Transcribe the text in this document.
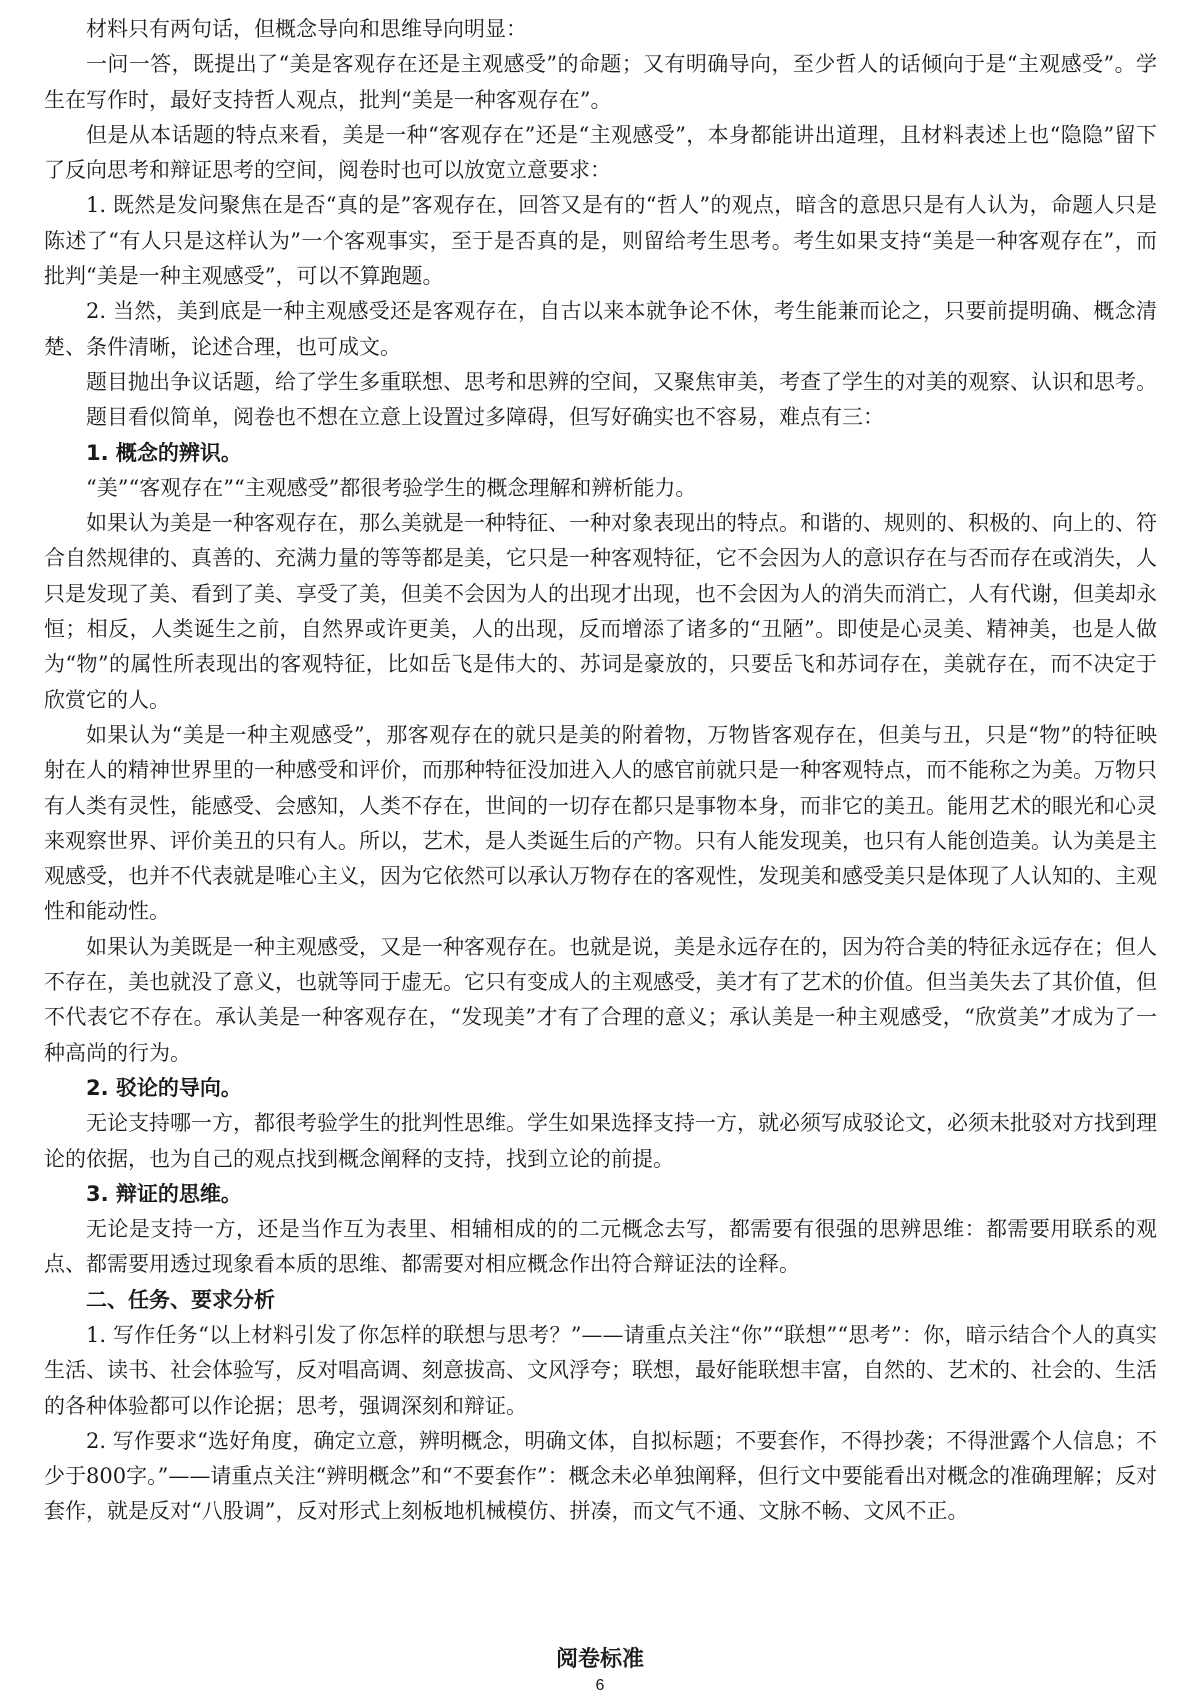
材料只有两句话，但概念导向和思维导向明显：

一问一答，既提出了“美是客观存在还是主观感受”的命题；又有明确导向，至少哲人的话倾向于是“主观感受”。学生在写作时，最好支持哲人观点，批判“美是一种客观存在”。

但是从本话题的特点来看，美是一种“客观存在”还是“主观感受”，本身都能讲出道理，且材料表述上也“隐隐”留下了反向思考和辩证思考的空间，阅卷时也可以放宽立意要求：

1. 既然是发问聚焦在是否“真的是”客观存在，回答又是有的“哲人”的观点，暗含的意思只是有人认为，命题人只是陈述了“有人只是这样认为”一个客观事实，至于是否真的是，则留给考生思考。考生如果支持“美是一种客观存在”，而批判“美是一种主观感受”，可以不算跑题。

2. 当然，美到底是一种主观感受还是客观存在，自古以来本就争论不休，考生能兼而论之，只要前提明确、概念清楚、条件清晰，论述合理，也可成文。

题目抛出争议话题，给了学生多重联想、思考和思辨的空间，又聚焦审美，考查了学生的对美的观察、认识和思考。

题目看似简单，阅卷也不想在立意上设置过多障碍，但写好确实也不容易，难点有三：

1. 概念的辨识。

“美”“客观存在”“主观感受”都很考验学生的概念理解和辨析能力。

如果认为美是一种客观存在，那么美就是一种特征、一种对象表现出的特点。和谐的、规则的、积极的、向上的、符合自然规律的、真善的、充满力量的等等都是美，它只是一种客观特征，它不会因为人的意识存在与否而存在或消失，人只是发现了美、看到了美、享受了美，但美不会因为人的出现才出现，也不会因为人的消失而消亡，人有代谢，但美却永恒；相反，人类诞生之前，自然界或许更美，人的出现，反而增添了诸多的“丑陋”。即使是心灵美、精神美，也是人做为“物”的属性所表现出的客观特征，比如岳飞是伟大的、苏词是豪放的，只要岳飞和苏词存在，美就存在，而不决定于欣赏它的人。

如果认为“美是一种主观感受”，那客观存在的就只是美的附着物，万物皆客观存在，但美与丑，只是“物”的特征映射在人的精神世界里的一种感受和评价，而那种特征没加进入人的感官前就只是一种客观特点，而不能称之为美。万物只有人类有灵性，能感受、会感知，人类不存在，世间的一切存在都只是事物本身，而非它的美丑。能用艺术的眼光和心灵来观察世界、评价美丑的只有人。所以，艺术，是人类诞生后的产物。只有人能发现美，也只有人能创造美。认为美是主观感受，也并不代表就是唯心主义，因为它依然可以承认万物存在的客观性，发现美和感受美只是体现了人认知的、主观性和能动性。

如果认为美既是一种主观感受，又是一种客观存在。也就是说，美是永远存在的，因为符合美的特征永远存在；但人不存在，美也就没了意义，也就等同于虚无。它只有变成人的主观感受，美才有了艺术的价值。但当美失去了其价值，但不代表它不存在。承认美是一种客观存在，“发现美”才有了合理的意义；承认美是一种主观感受，“欣赏美”才成为了一种高尚的行为。

2. 驳论的导向。

无论支持哪一方，都很考验学生的批判性思维。学生如果选择支持一方，就必须写成驳论文，必须未批驳对方找到理论的依据，也为自己的观点找到概念阐释的支持，找到立论的前提。

3. 辩证的思维。

无论是支持一方，还是当作互为表里、相辅相成的的二元概念去写，都需要有很强的思辨思维：都需要用联系的观点、都需要用透过现象看本质的思维、都需要对相应概念作出符合辩证法的诠释。

二、任务、要求分析

1. 写作任务“以上材料引发了你怎样的联想与思考？”——请重点关注“你”“联想”“思考”：你，暗示结合个人的真实生活、读书、社会体验写，反对唱高调、刻意拔高、文风浮夸；联想，最好能联想丰富，自然的、艺术的、社会的、生活的各种体验都可以作论据；思考，强调深刻和辩证。

2. 写作要求“选好角度，确定立意，辨明概念，明确文体，自拟标题；不要套作，不得抄袭；不得泄露个人信息；不少于800字。”——请重点关注“辨明概念”和“不要套作”：概念未必单独阐释，但行文中要能看出对概念的准确理解；反对套作，就是反对“八股调”，反对形式上刻板地机械模仿、拼凑，而文气不通、文脉不畅、文风不正。

阅卷标准
6
